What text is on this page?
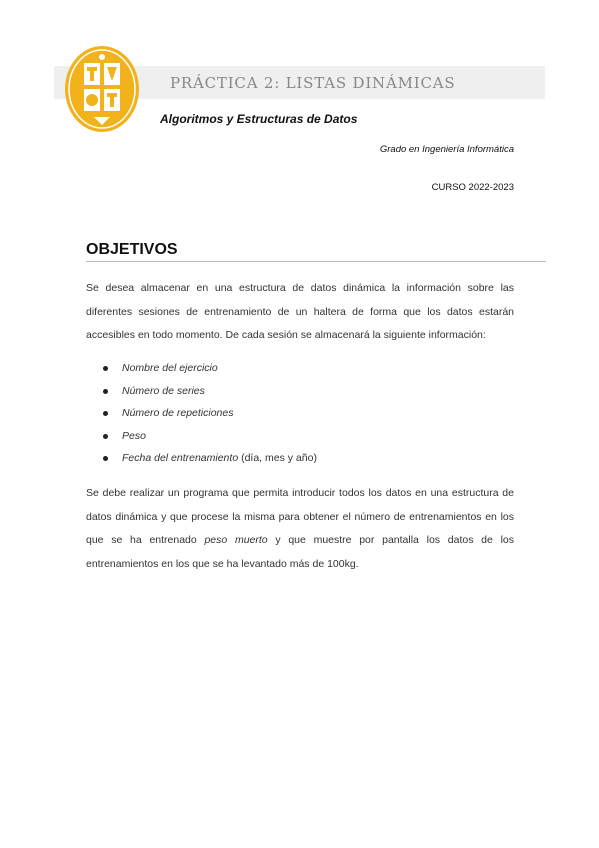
PRÁCTICA 2: LISTAS DINÁMICAS
Algoritmos y Estructuras de Datos
Grado en Ingeniería Informática
CURSO 2022-2023
OBJETIVOS

Se desea almacenar en una estructura de datos dinámica la información sobre las diferentes sesiones de entrenamiento de un haltera de forma que los datos estarán accesibles en todo momento. De cada sesión se almacenará la siguiente información:

Nombre del ejercicio
Número de series
Número de repeticiones
Peso
Fecha del entrenamiento (día, mes y año)

Se debe realizar un programa que permita introducir todos los datos en una estructura de datos dinámica y que procese la misma para obtener el número de entrenamientos en los que se ha entrenado peso muerto y que muestre por pantalla los datos de los entrenamientos en los que se ha levantado más de 100kg.
